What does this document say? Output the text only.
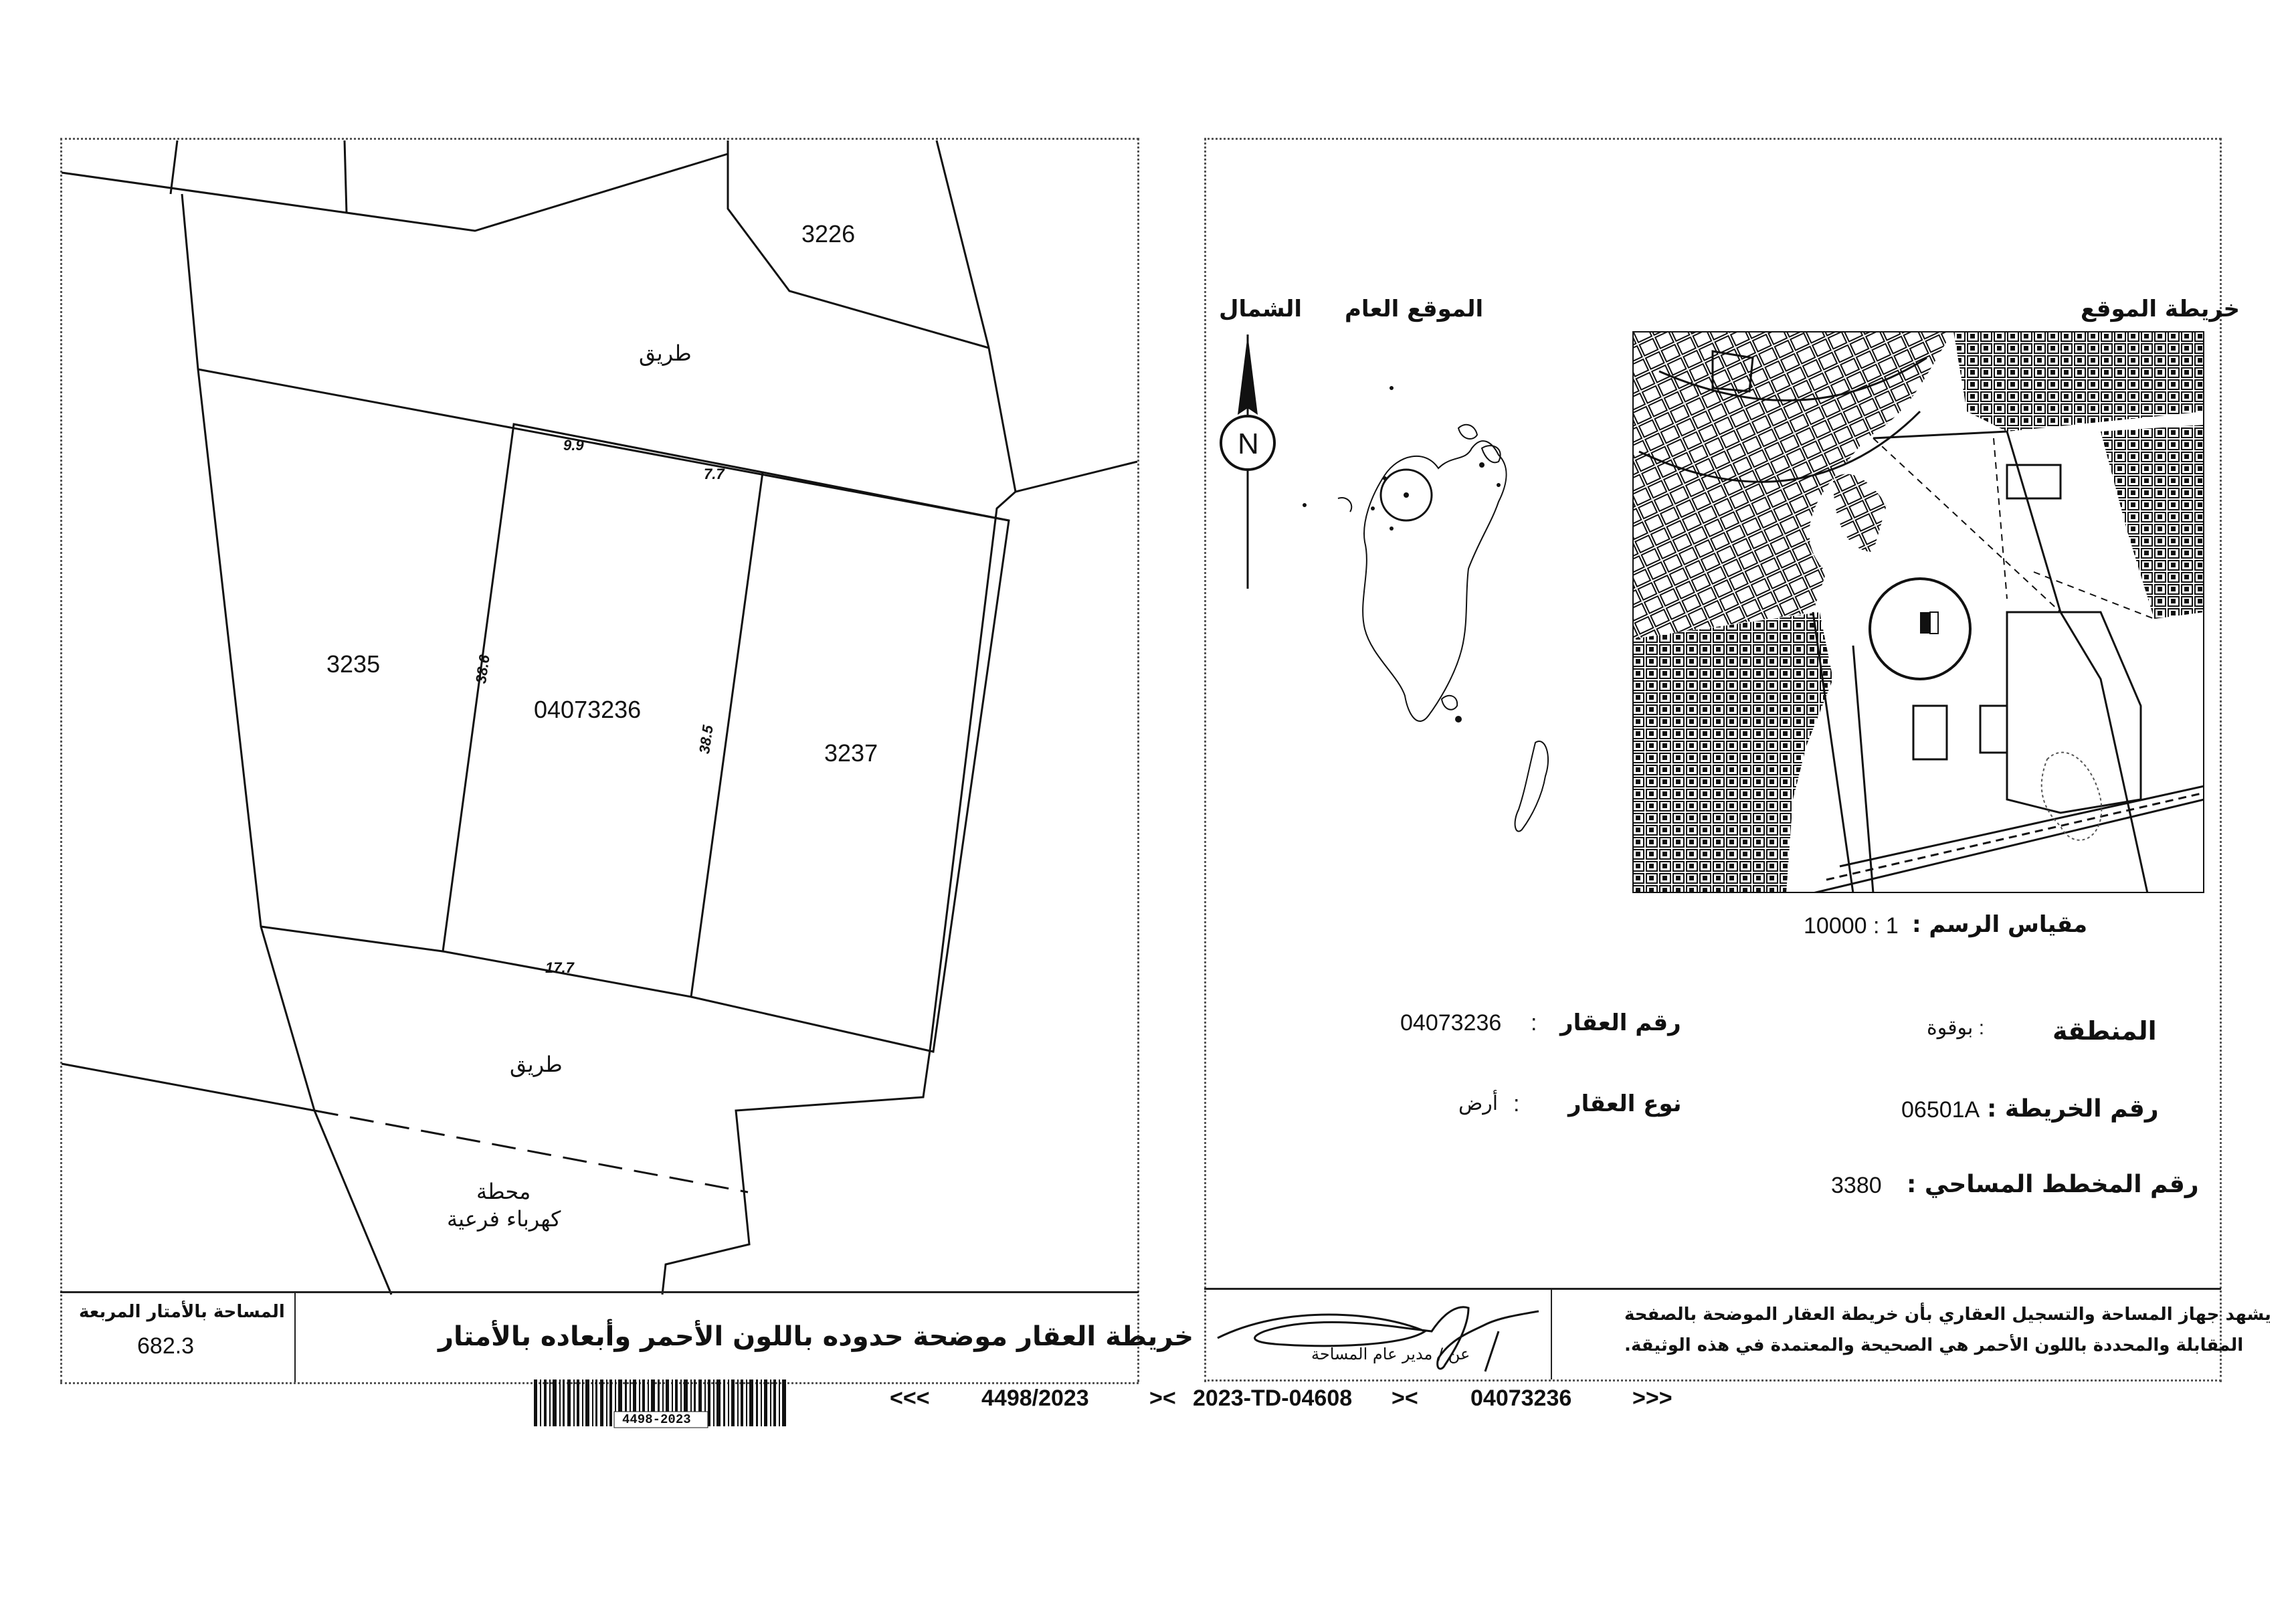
3226
طريق
3235
04073236
3237
9.9
7.7
38.6
38.5
17.7
طريق
محطة
كهرباء فرعية
المساحة بالأمتار المربعة
682.3	خريطة العقار موضحة حدوده باللون الأحمر وأبعاده بالأمتار
4498-2023
خريطة الموقع
الموقع العام
الشمال
N
مقياس الرسم :
10000 : 1
المنطقة
: بوقوة
رقم العقار
:
04073236
رقم الخريطة :
06501A
نوع العقار
:
أرض
رقم المخطط المساحي :
3380
عن / مدير عام المساحة
يشهد جهاز المساحة والتسجيل العقاري بأن خريطة العقار الموضحة بالصفحة
المقابلة والمحددة باللون الأحمر هي الصحيحة والمعتمدة في هذه الوثيقة.
<<< 4498/2023	>< 2023-TD-04608 >< 04073236	>>>
